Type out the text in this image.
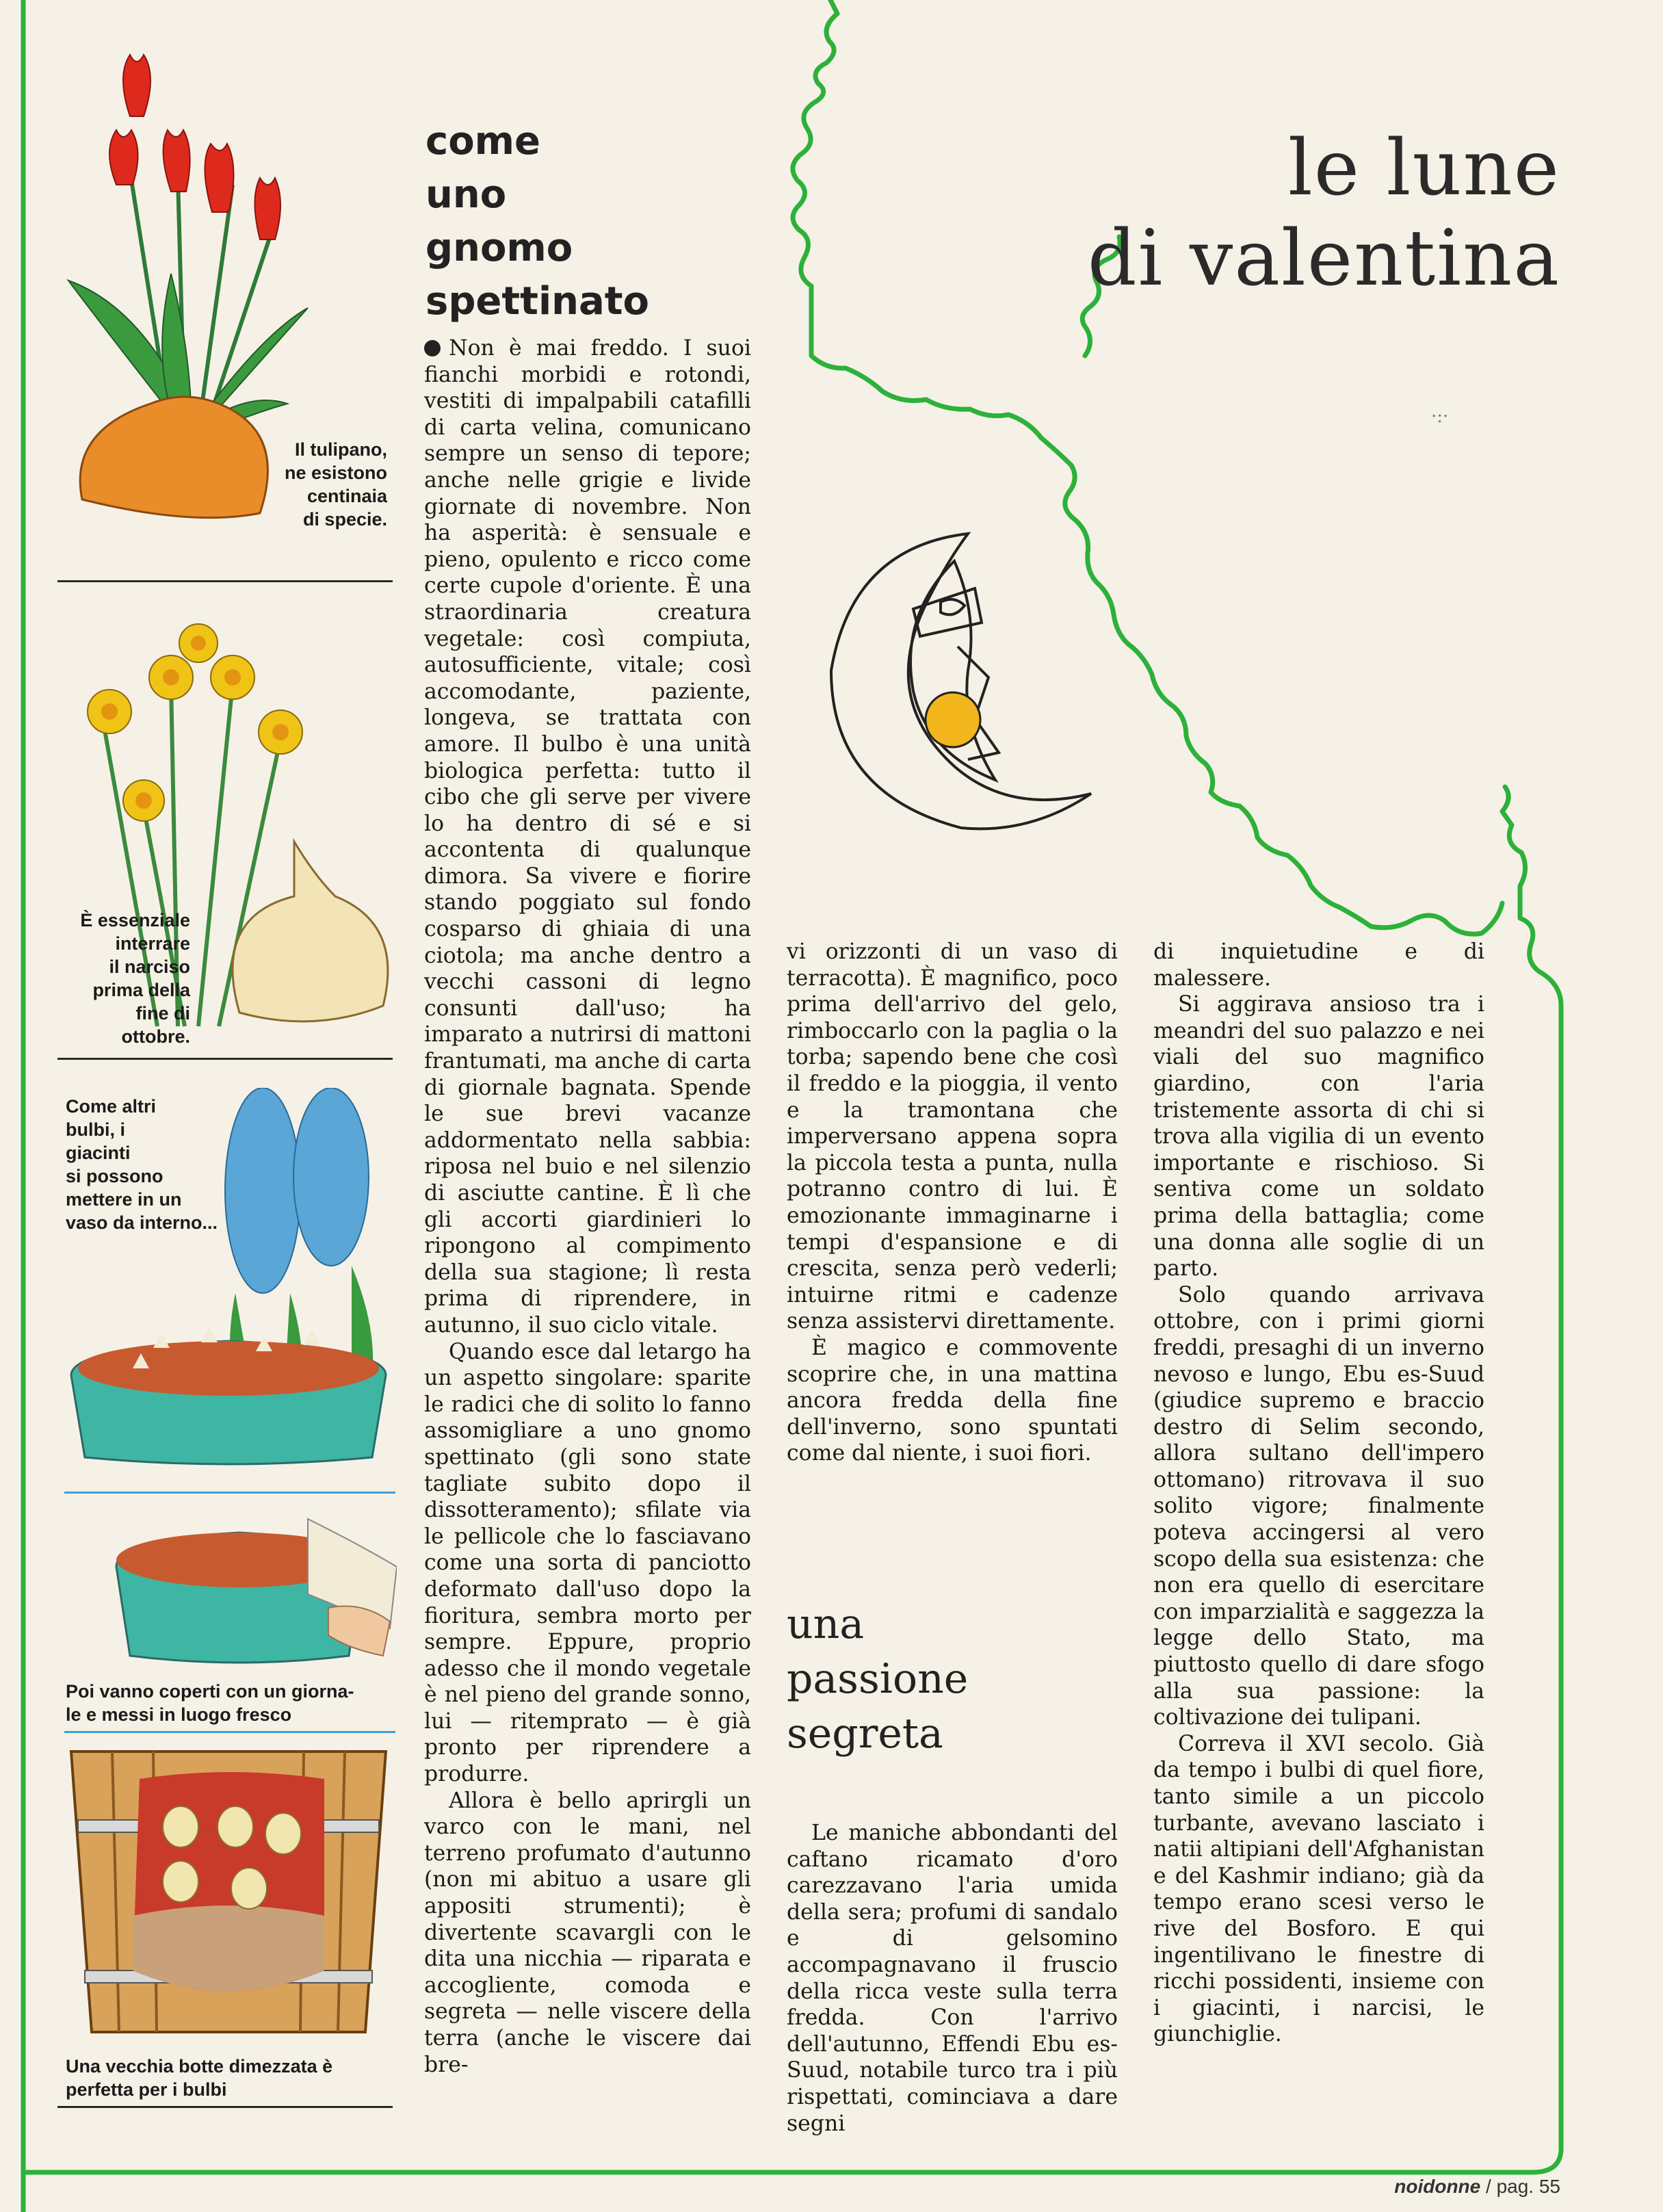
le lune
di valentina
·:·
Il tulipano,
ne esistono
centinaia
di specie.
È essenziale
interrare
il narciso
prima della
fine di
ottobre.
Come altri
bulbi, i
giacinti
si possono
mettere in un
vaso da interno...
Poi vanno coperti con un giorna-
le e messi in luogo fresco
Una vecchia botte dimezzata è
perfetta per i bulbi
come
uno
gnomo
spettinato

Non è mai freddo. I suoi fianchi morbidi e rotondi, vestiti di impalpabili catafilli di carta velina, comunicano sempre un senso di tepore; anche nelle grigie e livide giornate di novembre. Non ha asperità: è sensuale e pieno, opulento e ricco come certe cupole d'oriente. È una straordinaria creatura vegetale: così compiuta, autosufficiente, vitale; così accomodante, paziente, longeva, se trattata con amore. Il bulbo è una unità biologica perfetta: tutto il cibo che gli serve per vivere lo ha dentro di sé e si accontenta di qualunque dimora. Sa vivere e fiorire stando poggiato sul fondo cosparso di ghiaia di una ciotola; ma anche dentro a vecchi cassoni di legno consunti dall'uso; ha imparato a nutrirsi di mattoni frantumati, ma anche di carta di giornale bagnata. Spende le sue brevi vacanze addormentato nella sabbia: riposa nel buio e nel silenzio di asciutte cantine. È lì che gli accorti giardinieri lo ripongono al compimento della sua stagione; lì resta prima di riprendere, in autunno, il suo ciclo vitale.

Quando esce dal letargo ha un aspetto singolare: sparite le radici che di solito lo fanno assomigliare a uno gnomo spettinato (gli sono state tagliate subito dopo il dissotteramento); sfilate via le pellicole che lo fasciavano come una sorta di panciotto deformato dall'uso dopo la fioritura, sembra morto per sempre. Eppure, proprio adesso che il mondo vegetale è nel pieno del grande sonno, lui — ritemprato — è già pronto per riprendere a produrre.

Allora è bello aprirgli un varco con le mani, nel terreno profumato d'autunno (non mi abituo a usare gli appositi strumenti); è divertente scavargli con le dita una nicchia — riparata e accogliente, comoda e segreta — nelle viscere della terra (anche le viscere dai bre-

vi orizzonti di un vaso di terracotta). È magnifico, poco prima dell'arrivo del gelo, rimboccarlo con la paglia o la torba; sapendo bene che così il freddo e la pioggia, il vento e la tramontana che imperversano appena sopra la piccola testa a punta, nulla potranno contro di lui. È emozionante immaginarne i tempi d'espansione e di crescita, senza però vederli; intuirne ritmi e cadenze senza assistervi direttamente.

È magico e commovente scoprire che, in una mattina ancora fredda della fine dell'inverno, sono spuntati come dal niente, i suoi fiori.

una
passione
segreta

Le maniche abbondanti del caftano ricamato d'oro carezzavano l'aria umida della sera; profumi di sandalo e di gelsomino accompagnavano il fruscio della ricca veste sulla terra fredda. Con l'arrivo dell'autunno, Effendi Ebu es-Suud, notabile turco tra i più rispettati, cominciava a dare segni

di inquietudine e di malessere.

Si aggirava ansioso tra i meandri del suo palazzo e nei viali del suo magnifico giardino, con l'aria tristemente assorta di chi si trova alla vigilia di un evento importante e rischioso. Si sentiva come un soldato prima della battaglia; come una donna alle soglie di un parto.

Solo quando arrivava ottobre, con i primi giorni freddi, presaghi di un inverno nevoso e lungo, Ebu es-Suud (giudice supremo e braccio destro di Selim secondo, allora sultano dell'impero ottomano) ritrovava il suo solito vigore; finalmente poteva accingersi al vero scopo della sua esistenza: che non era quello di esercitare con imparzialità e saggezza la legge dello Stato, ma piuttosto quello di dare sfogo alla sua passione: la coltivazione dei tulipani.

Correva il XVI secolo. Già da tempo i bulbi di quel fiore, tanto simile a un piccolo turbante, avevano lasciato i natii altipiani dell'Afghanistan e del Kashmir indiano; già da tempo erano scesi verso le rive del Bosforo. E qui ingentilivano le finestre di ricchi possidenti, insieme con i giacinti, i narcisi, le giunchiglie.

noidonne / pag. 55
